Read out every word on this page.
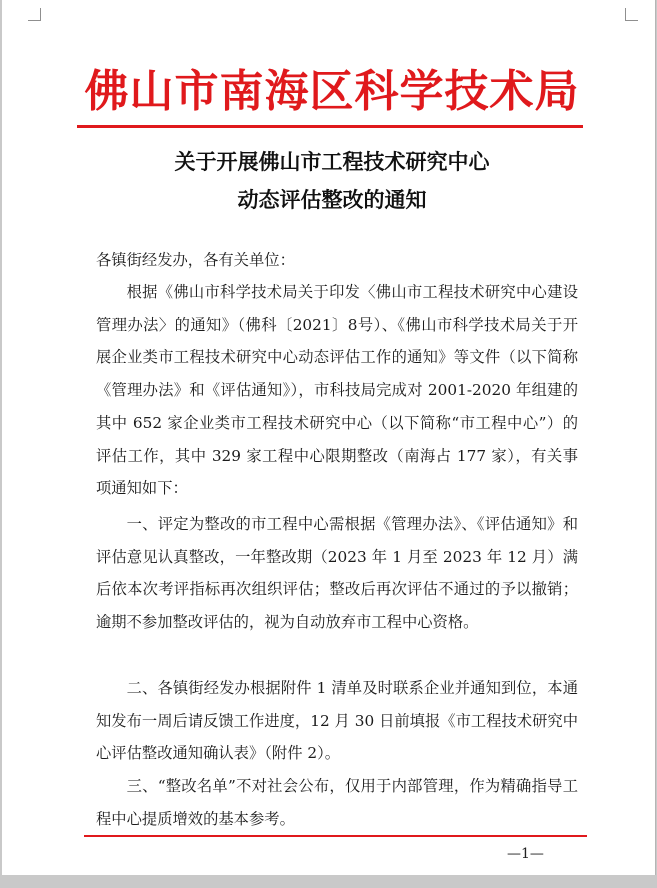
佛山市南海区科学技术局
关于开展佛山市工程技术研究中心
动态评估整改的通知
各镇街经发办，各有关单位：
根据《佛山市科学技术局关于印发〈佛山市工程技术研究中心建设管理办法〉的通知》（佛科〔2021〕8号）、《佛山市科学技术局关于开展企业类市工程技术研究中心动态评估工作的通知》等文件（以下简称《管理办法》和《评估通知》），市科技局完成对 2001-2020 年组建的其中 652 家企业类市工程技术研究中心（以下简称“市工程中心”）的评估工作，其中 329 家工程中心限期整改（南海占 177 家），有关事项通知如下：
一、评定为整改的市工程中心需根据《管理办法》、《评估通知》和评估意见认真整改，一年整改期（2023 年 1 月至 2023 年 12 月）满后依本次考评指标再次组织评估；整改后再次评估不通过的予以撤销；逾期不参加整改评估的，视为自动放弃市工程中心资格。
二、各镇街经发办根据附件 1 清单及时联系企业并通知到位，本通知发布一周后请反馈工作进度，12 月 30 日前填报《市工程技术研究中心评估整改通知确认表》（附件 2）。
三、“整改名单”不对社会公布，仅用于内部管理，作为精确指导工程中心提质增效的基本参考。
—1—
